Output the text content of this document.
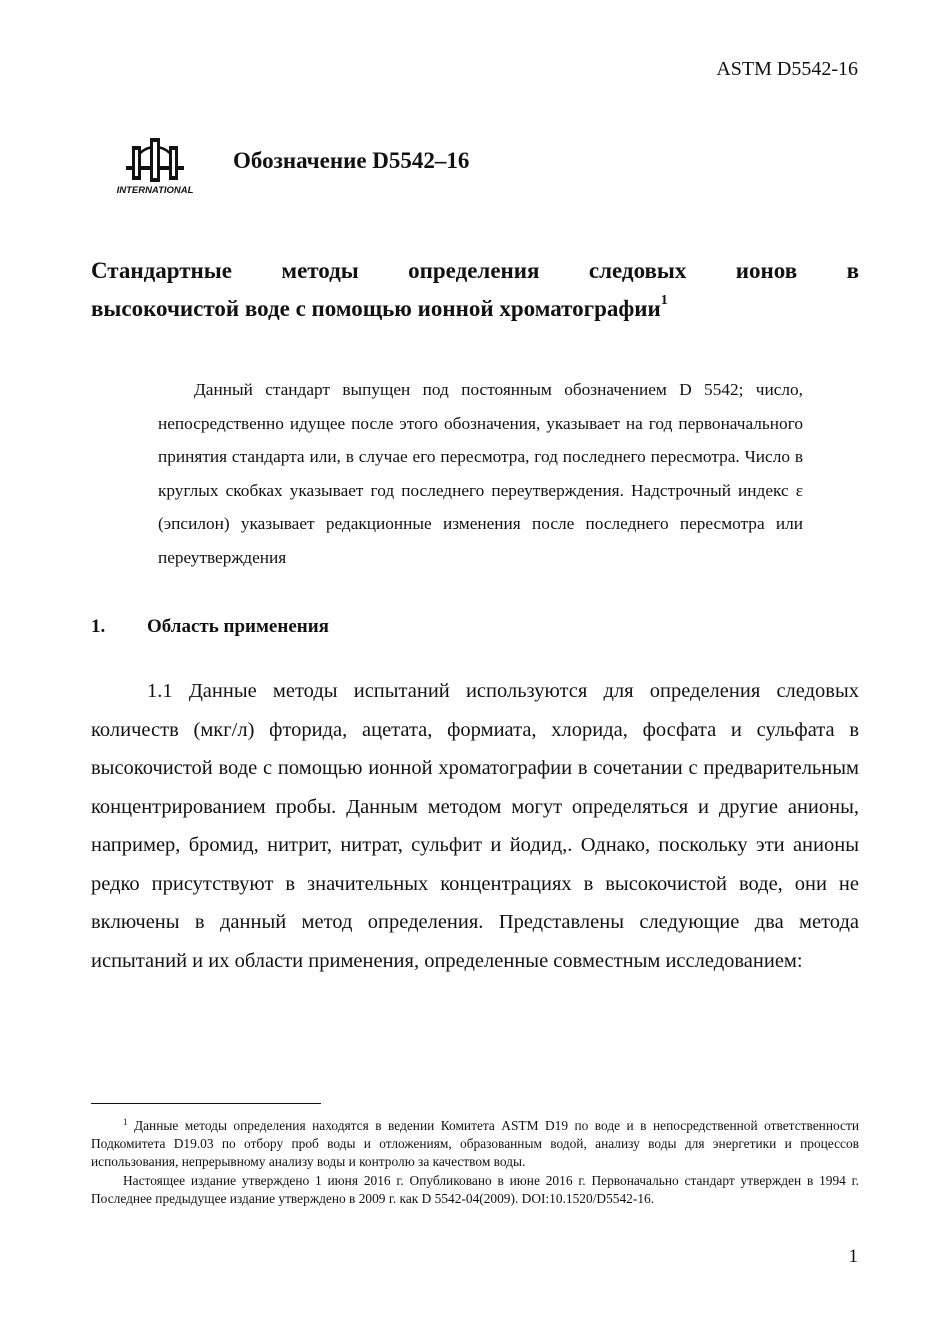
ASTM D5542-16
INTERNATIONAL
Обозначение D5542–16
Стандартные методы определения следовых ионов в
высокочистой воде с помощью ионной хроматографии$^1$
Данный стандарт выпущен под постоянным обозначением D 5542; число, непосредственно идущее после этого обозначения, указывает на год первоначального принятия стандарта или, в случае его пересмотра, год последнего пересмотра. Число в круглых скобках указывает год последнего переутверждения. Надстрочный индекс ε (эпсилон) указывает редакционные изменения после последнего пересмотра или переутверждения
1. Область применения
1.1 Данные методы испытаний используются для определения следовых количеств (мкг/л) фторида, ацетата, формиата, хлорида, фосфата и сульфата в высокочистой воде с помощью ионной хроматографии в сочетании с предварительным концентрированием пробы. Данным методом могут определяться и другие анионы, например, бромид, нитрит, нитрат, сульфит и йодид,. Однако, поскольку эти анионы редко присутствуют в значительных концентрациях в высокочистой воде, они не включены в данный метод определения. Представлены следующие два метода испытаний и их области применения, определенные совместным исследованием:

$^1$ Данные методы определения находятся в ведении Комитета ASTM D19 по воде и в непосредственной ответственности Подкомитета D19.03 по отбору проб воды и отложениям, образованным водой, анализу воды для энергетики и процессов использования, непрерывному анализу воды и контролю за качеством воды.

Настоящее издание утверждено 1 июня 2016 г. Опубликовано в июне 2016 г. Первоначально стандарт утвержден в 1994 г. Последнее предыдущее издание утверждено в 2009 г. как D 5542-04(2009). DOI:10.1520/D5542-16.

1
